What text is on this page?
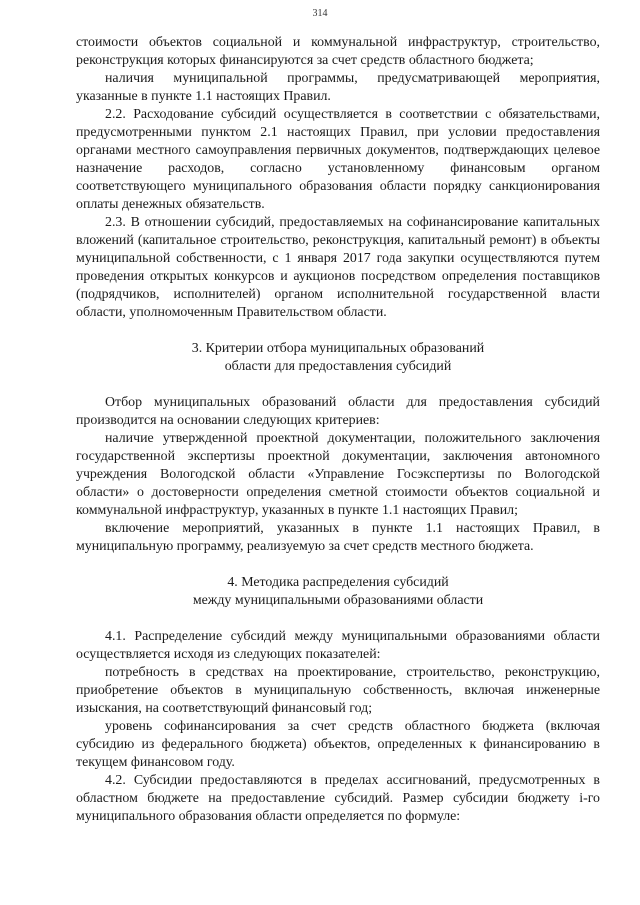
314

стоимости объектов социальной и коммунальной инфраструктур, строительство, реконструкция которых финансируются за счет средств областного бюджета;

наличия муниципальной программы, предусматривающей мероприятия, указанные в пункте 1.1 настоящих Правил.

2.2. Расходование субсидий осуществляется в соответствии с обязательствами, предусмотренными пунктом 2.1 настоящих Правил, при условии предоставления органами местного самоуправления первичных документов, подтверждающих целевое назначение расходов, согласно установленному финансовым органом соответствующего муниципального образования области порядку санкционирования оплаты денежных обязательств.

2.3. В отношении субсидий, предоставляемых на софинансирование капитальных вложений (капитальное строительство, реконструкция, капитальный ремонт) в объекты муниципальной собственности, с 1 января 2017 года закупки осуществляются путем проведения открытых конкурсов и аукционов посредством определения поставщиков (подрядчиков, исполнителей) органом исполнительной государственной власти области, уполномоченным Правительством области.

3. Критерии отбора муниципальных образований
области для предоставления субсидий

Отбор муниципальных образований области для предоставления субсидий производится на основании следующих критериев:

наличие утвержденной проектной документации, положительного заключения государственной экспертизы проектной документации, заключения автономного учреждения Вологодской области «Управление Госэкспертизы по Вологодской области» о достоверности определения сметной стоимости объектов социальной и коммунальной инфраструктур, указанных в пункте 1.1 настоящих Правил;

включение мероприятий, указанных в пункте 1.1 настоящих Правил, в муниципальную программу, реализуемую за счет средств местного бюджета.

4. Методика распределения субсидий
между муниципальными образованиями области

4.1. Распределение субсидий между муниципальными образованиями области осуществляется исходя из следующих показателей:

потребность в средствах на проектирование, строительство, реконструкцию, приобретение объектов в муниципальную собственность, включая инженерные изыскания, на соответствующий финансовый год;

уровень софинансирования за счет средств областного бюджета (включая субсидию из федерального бюджета) объектов, определенных к финансированию в текущем финансовом году.

4.2. Субсидии предоставляются в пределах ассигнований, предусмотренных в областном бюджете на предоставление субсидий. Размер субсидии бюджету i-го муниципального образования области определяется по формуле:
